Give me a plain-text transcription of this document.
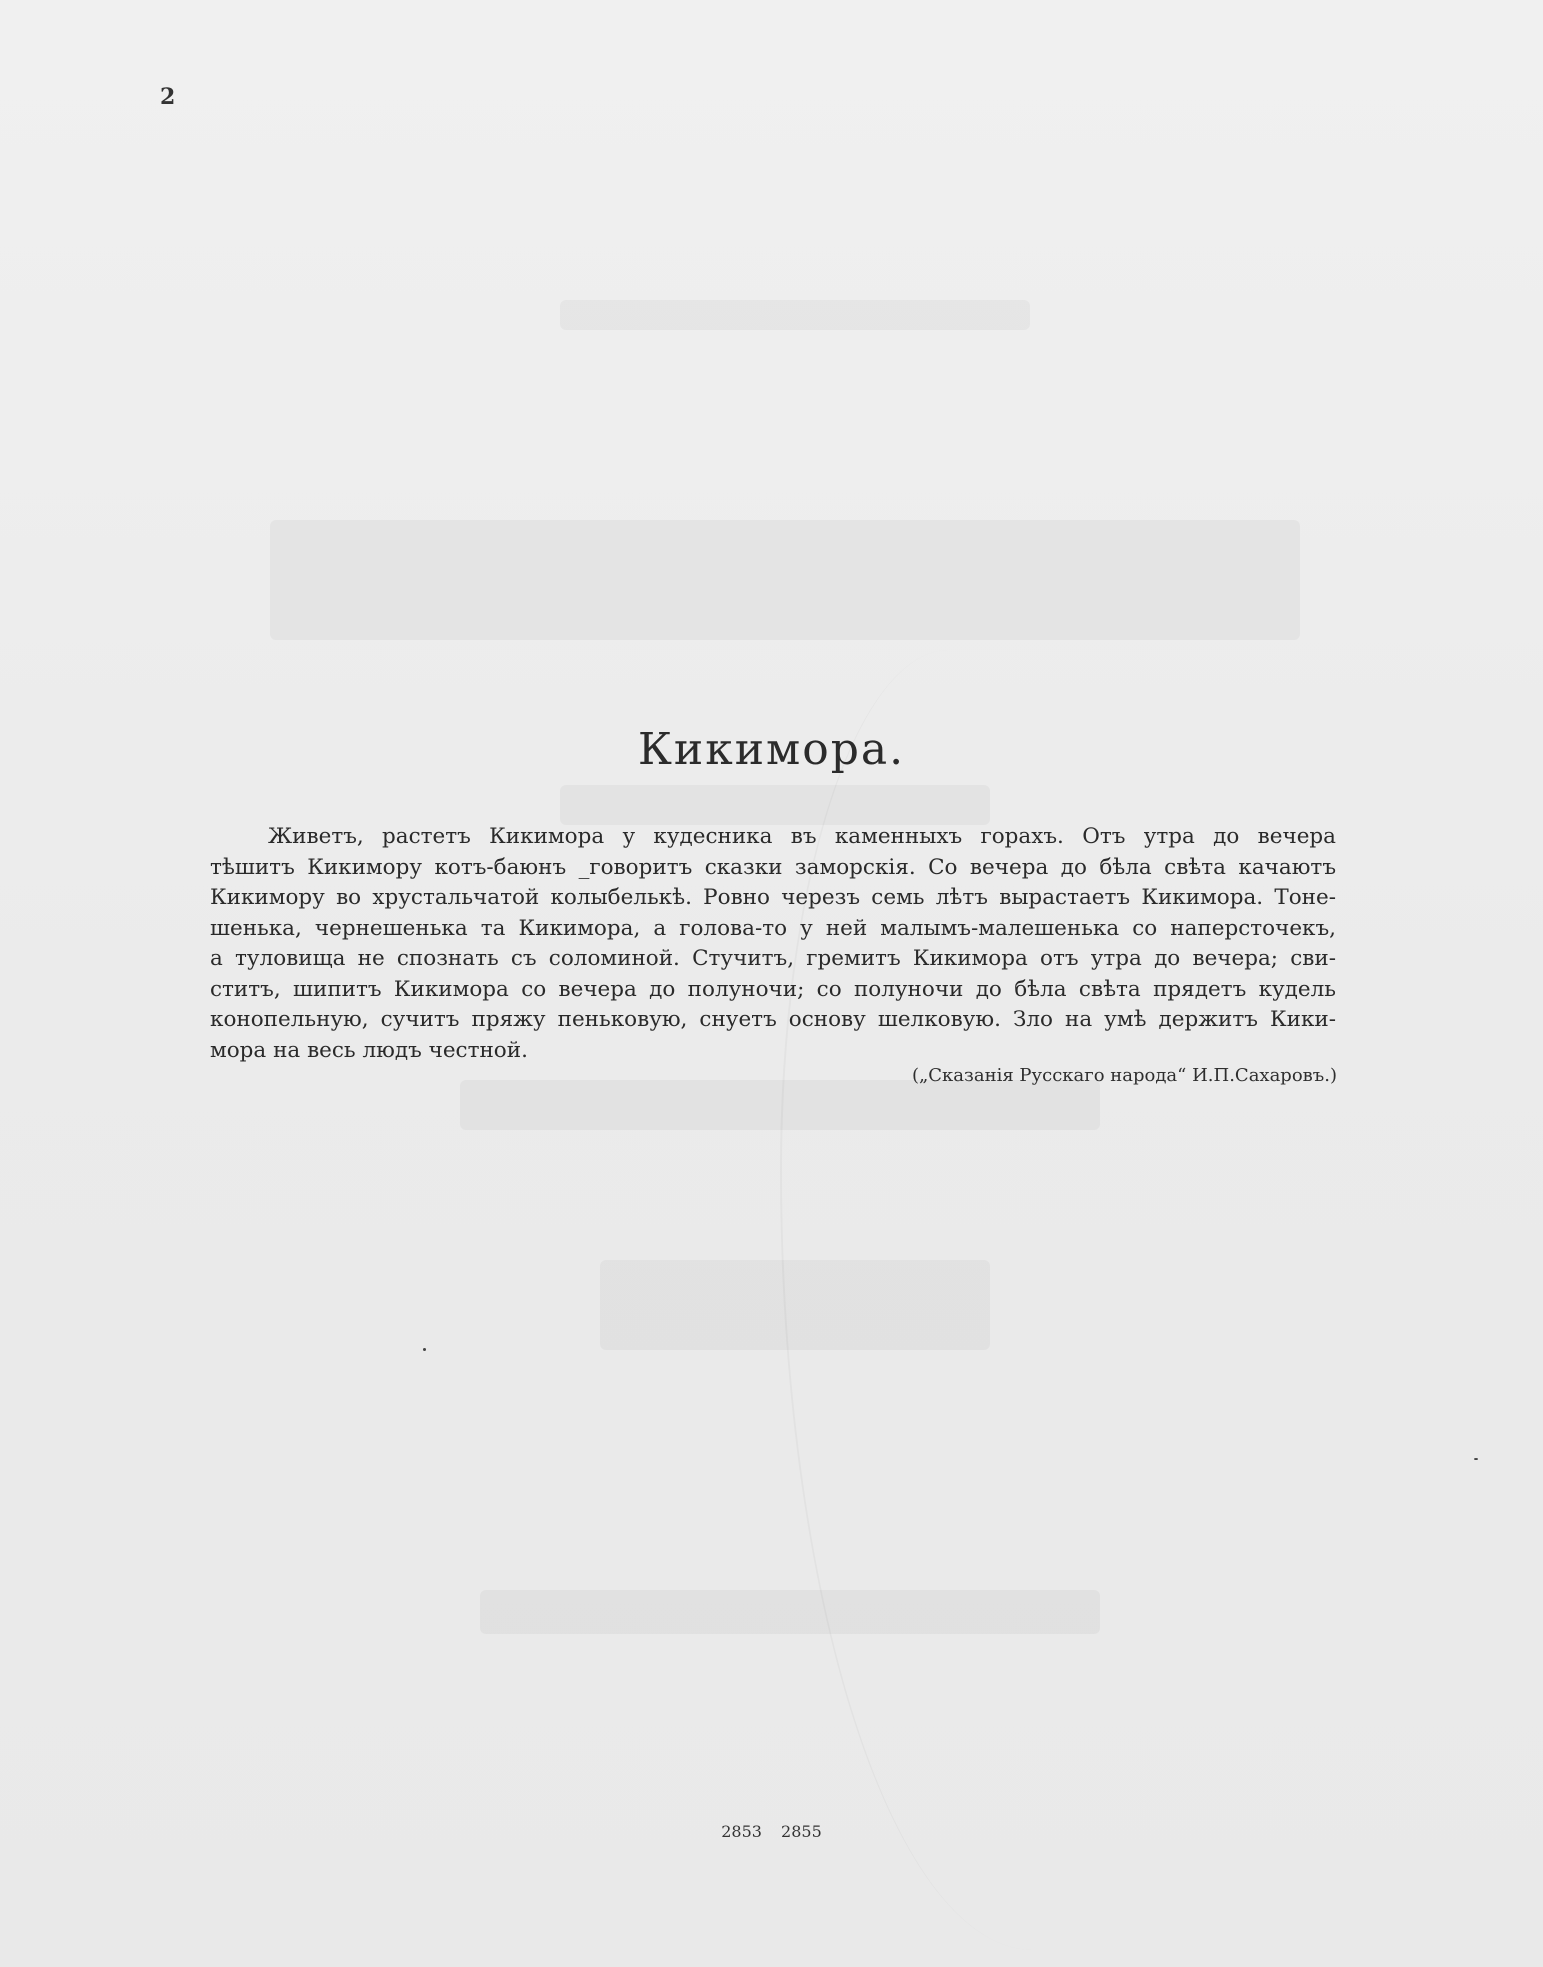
2
Кикимора.
Живетъ, растетъ Кикимора у кудесника въ каменныхъ горахъ. Отъ утра до вечера
тѣшитъ Кикимору котъ-баюнъ _говоритъ сказки заморскія. Со вечера до бѣла свѣта качаютъ
Кикимору во хрустальчатой колыбелькѣ. Ровно черезъ семь лѣтъ вырастаетъ Кикимора. Тоне-
шенька, чернешенька та Кикимора, а голова-то у ней малымъ-малешенька со наперсточекъ,
а туловища не спознать съ соломиной. Стучитъ, гремитъ Кикимора отъ утра до вечера; сви-
ститъ, шипитъ Кикимора со вечера до полуночи; со полуночи до бѣла свѣта прядетъ кудель
конопельную, сучитъ пряжу пеньковую, снуетъ основу шелковую. Зло на умѣ держитъ Кики-
мора на весь людъ честной.
(„Сказанія Русскаго народа“ И.П.Сахаровъ.)
2853 2855
